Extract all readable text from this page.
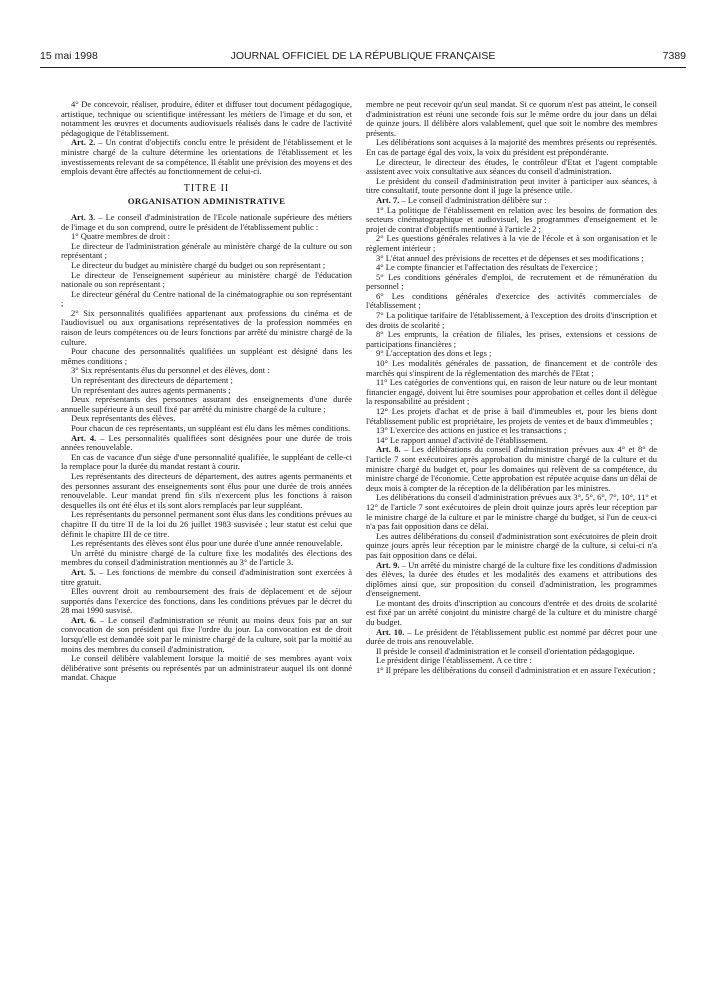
15 mai 1998	JOURNAL OFFICIEL DE LA RÉPUBLIQUE FRANÇAISE	7389

4° De concevoir, réaliser, produire, éditer et diffuser tout document pédagogique, artistique, technique ou scientifique intéressant les métiers de l'image et du son, et notamment les œuvres et documents audiovisuels réalisés dans le cadre de l'activité pédagogique de l'établissement.

Art. 2. – Un contrat d'objectifs conclu entre le président de l'établissement et le ministre chargé de la culture détermine les orientations de l'établissement et les investissements relevant de sa compétence. Il établit une prévision des moyens et des emplois devant être affectés au fonctionnement de celui-ci.

TITRE II

ORGANISATION ADMINISTRATIVE

Art. 3. – Le conseil d'administration de l'Ecole nationale supérieure des métiers de l'image et du son comprend, outre le président de l'établissement public :

1° Quatre membres de droit :

Le directeur de l'administration générale au ministère chargé de la culture ou son représentant ;

Le directeur du budget au ministère chargé du budget ou son représentant ;

Le directeur de l'enseignement supérieur au ministère chargé de l'éducation nationale ou son représentant ;

Le directeur général du Centre national de la cinématographie ou son représentant ;

2° Six personnalités qualifiées appartenant aux professions du cinéma et de l'audiovisuel ou aux organisations représentatives de la profession nommées en raison de leurs compétences ou de leurs fonctions par arrêté du ministre chargé de la culture.

Pour chacune des personnalités qualifiées un suppléant est désigné dans les mêmes conditions ;

3° Six représentants élus du personnel et des élèves, dont :

Un représentant des directeurs de département ;

Un représentant des autres agents permanents ;

Deux représentants des personnes assurant des enseignements d'une durée annuelle supérieure à un seuil fixé par arrêté du ministre chargé de la culture ;

Deux représentants des élèves.

Pour chacun de ces représentants, un suppléant est élu dans les mêmes conditions.

Art. 4. – Les personnalités qualifiées sont désignées pour une durée de trois années renouvelable.

En cas de vacance d'un siège d'une personnalité qualifiée, le suppléant de celle-ci la remplace pour la durée du mandat restant à courir.

Les représentants des directeurs de département, des autres agents permanents et des personnes assurant des enseignements sont élus pour une durée de trois années renouvelable. Leur mandat prend fin s'ils n'exercent plus les fonctions à raison desquelles ils ont été élus et ils sont alors remplacés par leur suppléant.

Les représentants du personnel permanent sont élus dans les conditions prévues au chapitre II du titre II de la loi du 26 juillet 1983 susvisée ; leur statut est celui que définit le chapitre III de ce titre.

Les représentants des élèves sont élus pour une durée d'une année renouvelable.

Un arrêté du ministre chargé de la culture fixe les modalités des élections des membres du conseil d'administration mentionnés au 3° de l'article 3.

Art. 5. – Les fonctions de membre du conseil d'administration sont exercées à titre gratuit.

Elles ouvrent droit au remboursement des frais de déplacement et de séjour supportés dans l'exercice des fonctions, dans les conditions prévues par le décret du 28 mai 1990 susvisé.

Art. 6. – Le conseil d'administration se réunit au moins deux fois par an sur convocation de son président qui fixe l'ordre du jour. La convocation est de droit lorsqu'elle est demandée soit par le ministre chargé de la culture, soit par la moitié au moins des membres du conseil d'administration.

Le conseil délibère valablement lorsque la moitié de ses membres ayant voix délibérative sont présents ou représentés par un administrateur auquel ils ont donné mandat. Chaque

membre ne peut recevoir qu'un seul mandat. Si ce quorum n'est pas atteint, le conseil d'administration est réuni une seconde fois sur le même ordre du jour dans un délai de quinze jours. Il délibère alors valablement, quel que soit le nombre des membres présents.

Les délibérations sont acquises à la majorité des membres présents ou représentés. En cas de partage égal des voix, la voix du président est prépondérante.

Le directeur, le directeur des études, le contrôleur d'Etat et l'agent comptable assistent avec voix consultative aux séances du conseil d'administration.

Le président du conseil d'administration peut inviter à participer aux séances, à titre consultatif, toute personne dont il juge la présence utile.

Art. 7. – Le conseil d'administration délibère sur :

1° La politique de l'établissement en relation avec les besoins de formation des secteurs cinématographique et audiovisuel, les programmes d'enseignement et le projet de contrat d'objectifs mentionné à l'article 2 ;

2° Les questions générales relatives à la vie de l'école et à son organisation et le règlement intérieur ;

3° L'état annuel des prévisions de recettes et de dépenses et ses modifications ;

4° Le compte financier et l'affectation des résultats de l'exercice ;

5° Les conditions générales d'emploi, de recrutement et de rémunération du personnel ;

6° Les conditions générales d'exercice des activités commerciales de l'établissement ;

7° La politique tarifaire de l'établissement, à l'exception des droits d'inscription et des droits de scolarité ;

8° Les emprunts, la création de filiales, les prises, extensions et cessions de participations financières ;

9° L'acceptation des dons et legs ;

10° Les modalités générales de passation, de financement et de contrôle des marchés qui s'inspirent de la réglementation des marchés de l'Etat ;

11° Les catégories de conventions qui, en raison de leur nature ou de leur montant financier engagé, doivent lui être soumises pour approbation et celles dont il délègue la responsabilité au président ;

12° Les projets d'achat et de prise à bail d'immeubles et, pour les biens dont l'établissement public est propriétaire, les projets de ventes et de baux d'immeubles ;

13° L'exercice des actions en justice et les transactions ;

14° Le rapport annuel d'activité de l'établissement.

Art. 8. – Les délibérations du conseil d'administration prévues aux 4° et 8° de l'article 7 sont exécutoires après approbation du ministre chargé de la culture et du ministre chargé du budget et, pour les domaines qui relèvent de sa compétence, du ministre chargé de l'économie. Cette approbation est réputée acquise dans un délai de deux mois à compter de la réception de la délibération par les ministres.

Les délibérations du conseil d'administration prévues aux 3°, 5°, 6°, 7°, 10°, 11° et 12° de l'article 7 sont exécutoires de plein droit quinze jours après leur réception par le ministre chargé de la culture et par le ministre chargé du budget, si l'un de ceux-ci n'a pas fait opposition dans ce délai.

Les autres délibérations du conseil d'administration sont exécutoires de plein droit quinze jours après leur réception par le ministre chargé de la culture, si celui-ci n'a pas fait opposition dans ce délai.

Art. 9. – Un arrêté du ministre chargé de la culture fixe les conditions d'admission des élèves, la durée des études et les modalités des examens et attributions des diplômes ainsi que, sur proposition du conseil d'administration, les programmes d'enseignement.

Le montant des droits d'inscription au concours d'entrée et des droits de scolarité est fixé par un arrêté conjoint du ministre chargé de la culture et du ministre chargé du budget.

Art. 10. – Le président de l'établissement public est nommé par décret pour une durée de trois ans renouvelable.

Il préside le conseil d'administration et le conseil d'orientation pédagogique.

Le président dirige l'établissement. A ce titre :

1° Il prépare les délibérations du conseil d'administration et en assure l'exécution ;
